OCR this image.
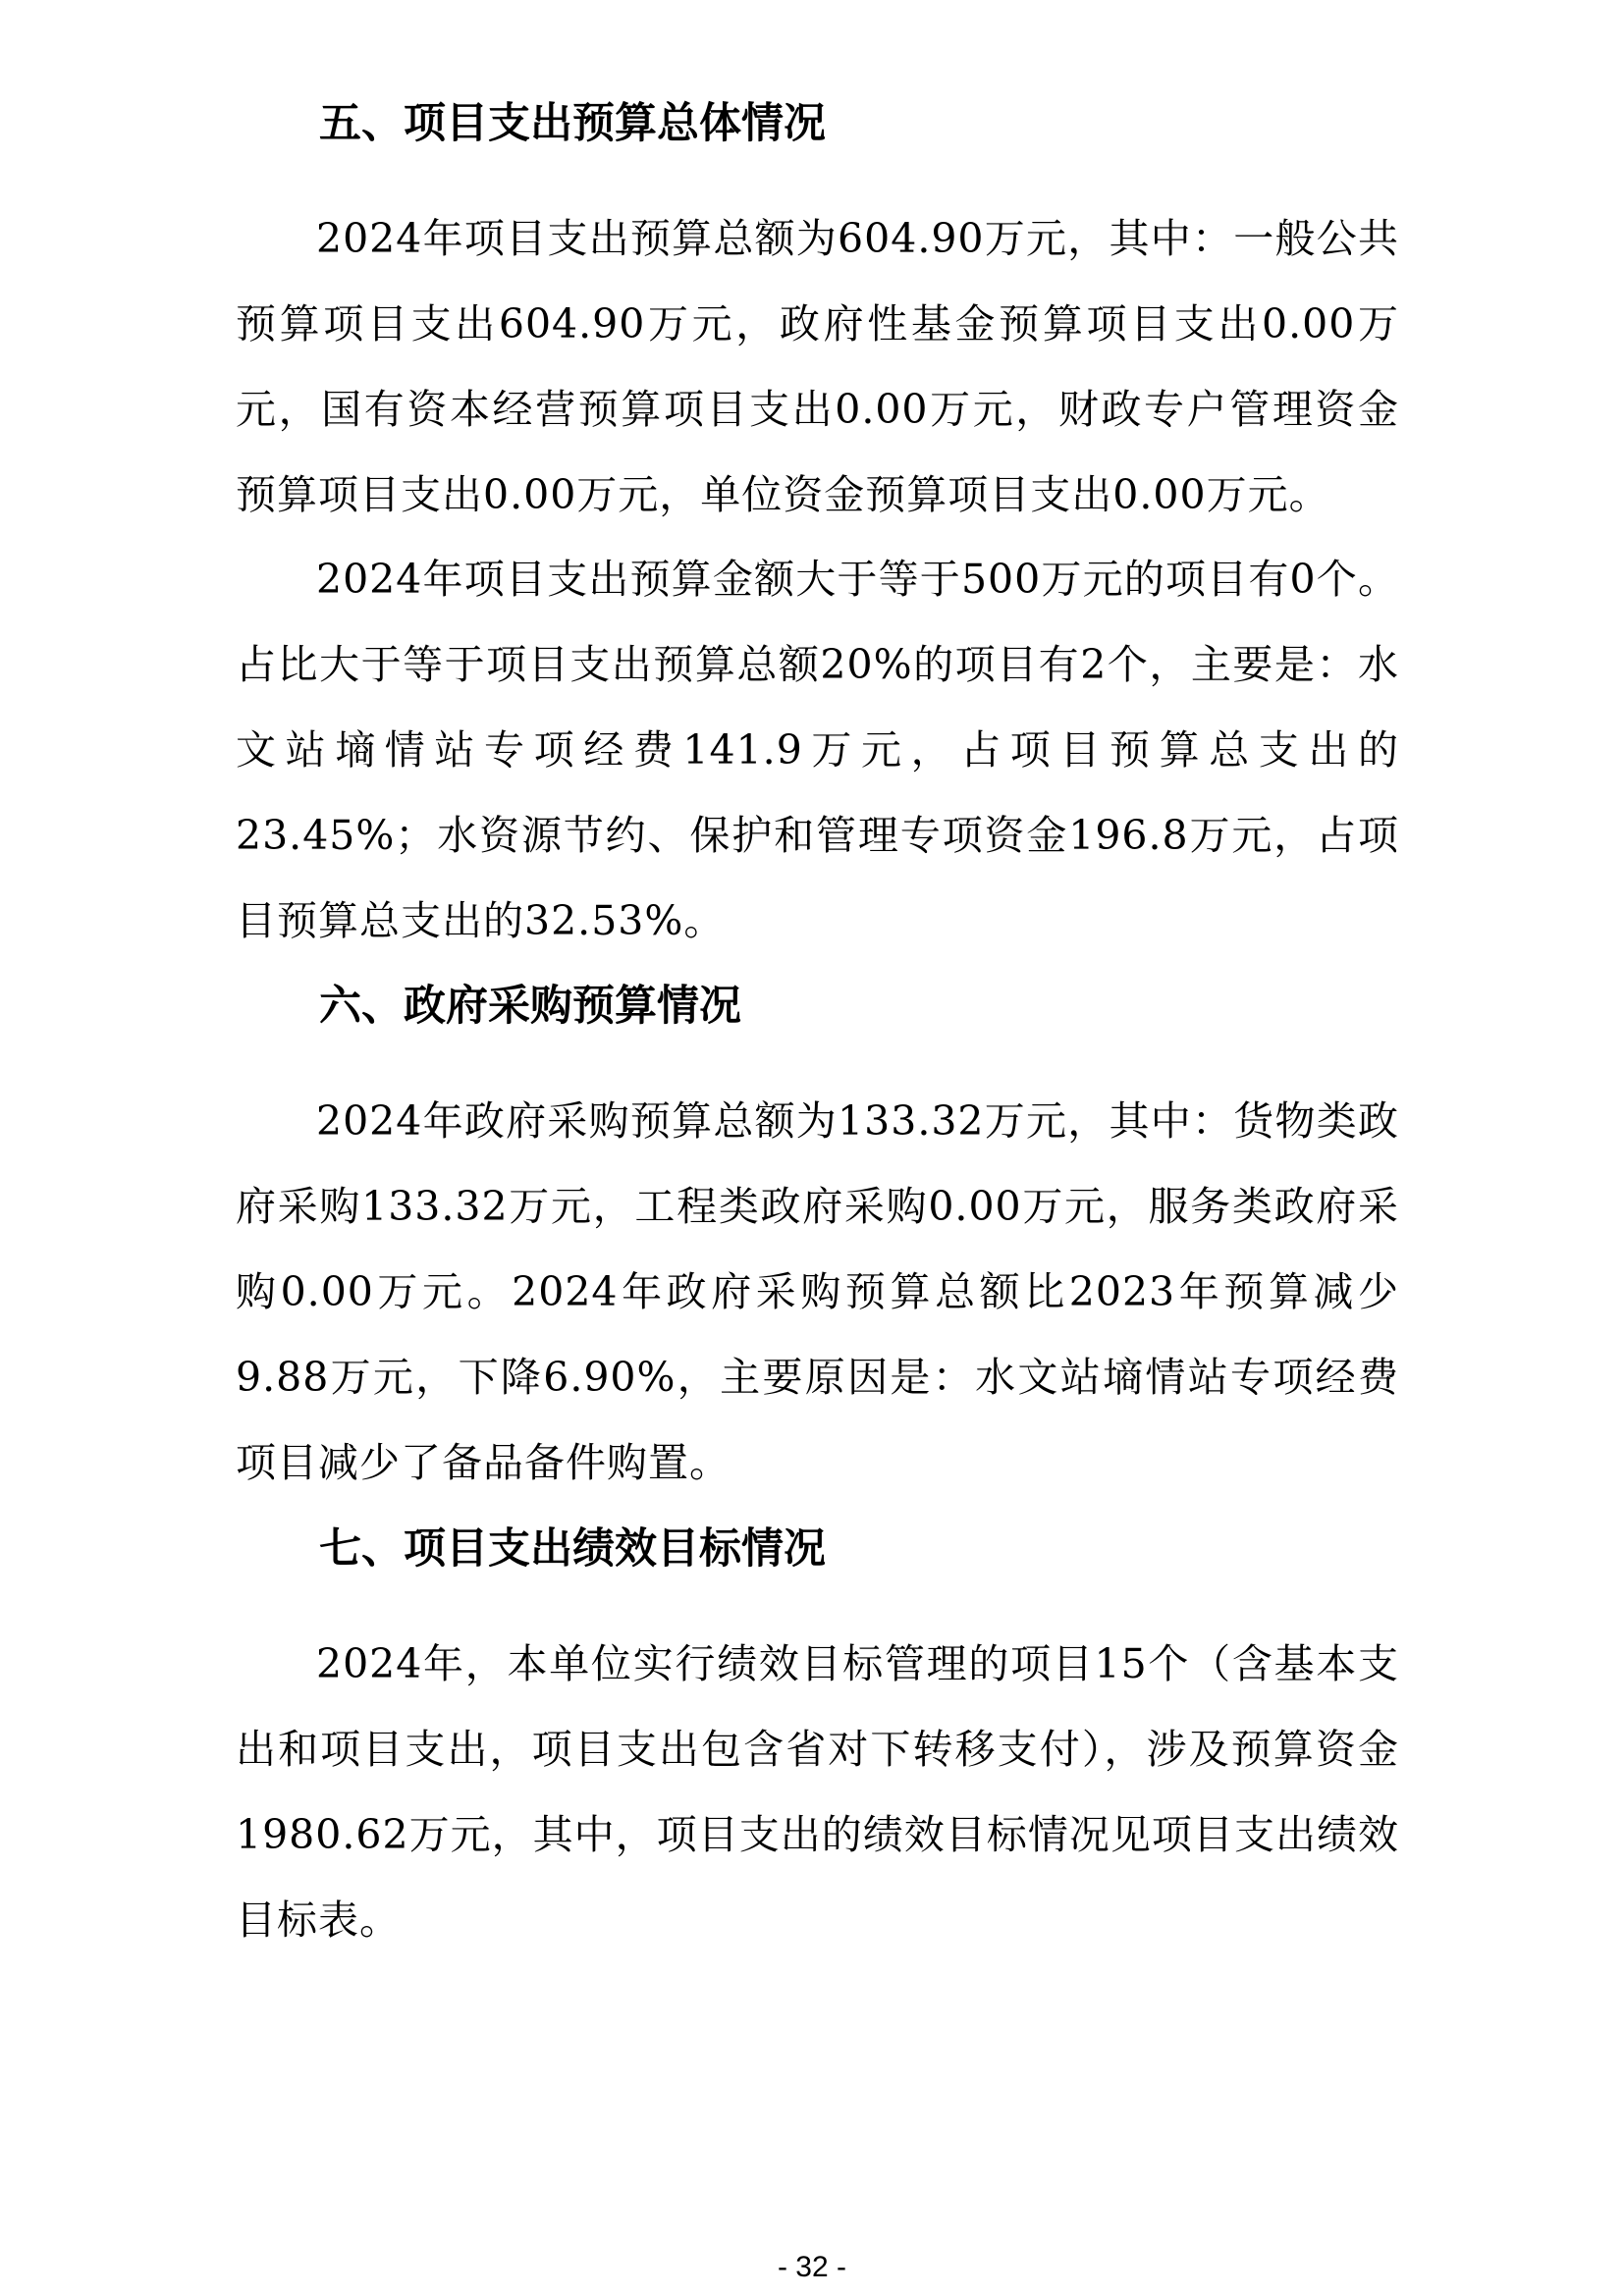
五、项目支出预算总体情况

2024年项目支出预算总额为604.90万元，其中：一般公共预算项目支出604.90万元，政府性基金预算项目支出0.00万元，国有资本经营预算项目支出0.00万元，财政专户管理资金预算项目支出0.00万元，单位资金预算项目支出0.00万元。

2024年项目支出预算金额大于等于500万元的项目有0个。占比大于等于项目支出预算总额20%的项目有2个，主要是：水文站墒情站专项经费141.9万元，占项目预算总支出的23.45%；水资源节约、保护和管理专项资金196.8万元，占项目预算总支出的32.53%。

六、政府采购预算情况

2024年政府采购预算总额为133.32万元，其中：货物类政府采购133.32万元，工程类政府采购0.00万元，服务类政府采购0.00万元。2024年政府采购预算总额比2023年预算减少9.88万元，下降6.90%，主要原因是：水文站墒情站专项经费项目减少了备品备件购置。

七、项目支出绩效目标情况

2024年，本单位实行绩效目标管理的项目15个（含基本支出和项目支出，项目支出包含省对下转移支付），涉及预算资金1980.62万元，其中，项目支出的绩效目标情况见项目支出绩效目标表。

- 32 -
